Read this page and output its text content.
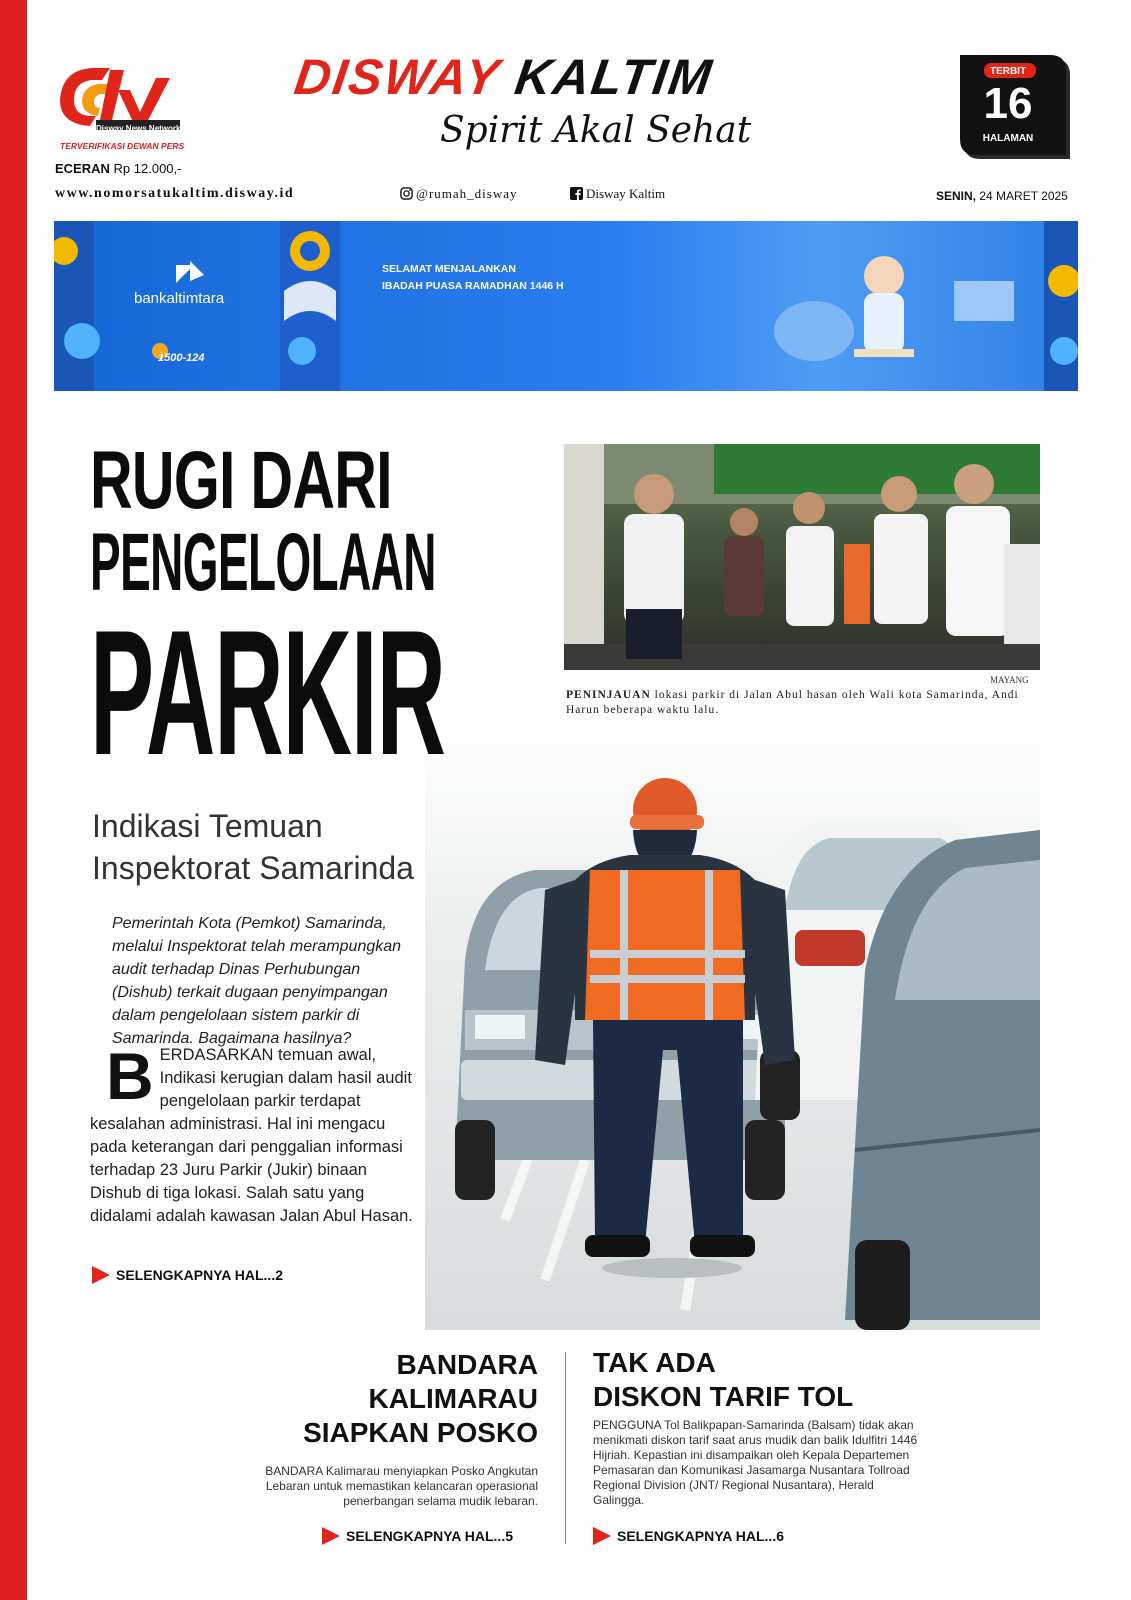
Disway News Network
TERVERIFIKASI DEWAN PERS
ECERAN Rp 12.000,-
www.nomorsatukaltim.disway.id
DISWAY KALTIM
Spirit Akal Sehat
@rumah_disway	Disway Kaltim	SENIN, 24 MARET 2025
TERBIT
16
HALAMAN
bankaltimtara
1500-124
SELAMAT MENJALANKAN
IBADAH PUASA RAMADHAN 1446 H
RUGI DARI
PENGELOLAAN
PARKIR
Indikasi Temuan
Inspektorat Samarinda
Pemerintah Kota (Pemkot) Samarinda, melalui Inspektorat telah merampungkan audit terhadap Dinas Perhubungan (Dishub) terkait dugaan penyimpangan dalam pengelolaan sistem parkir di Samarinda. Bagaimana hasilnya?
BERDASARKAN temuan awal, Indikasi kerugian dalam hasil audit pengelolaan parkir terdapat kesalahan administrasi. Hal ini mengacu pada keterangan dari penggalian informasi terhadap 23 Juru Parkir (Jukir) binaan Dishub di tiga lokasi. Salah satu yang didalami adalah kawasan Jalan Abul Hasan.
SELENGKAPNYA HAL...2
MAYANG
PENINJAUAN lokasi parkir di Jalan Abul hasan oleh Wali kota Samarinda, Andi Harun beberapa waktu lalu.
BANDARA
KALIMARAU
SIAPKAN POSKO
BANDARA Kalimarau menyiapkan Posko Angkutan Lebaran untuk memastikan kelancaran operasional penerbangan selama mudik lebaran.
SELENGKAPNYA HAL...5
TAK ADA
DISKON TARIF TOL
PENGGUNA Tol Balikpapan-Samarinda (Balsam) tidak akan menikmati diskon tarif saat arus mudik dan balik Idulfitri 1446 Hijriah. Kepastian ini disampaikan oleh Kepala Departemen Pemasaran dan Komunikasi Jasamarga Nusantara Tollroad Regional Division (JNT/ Regional Nusantara), Herald Galingga.
SELENGKAPNYA HAL...6
